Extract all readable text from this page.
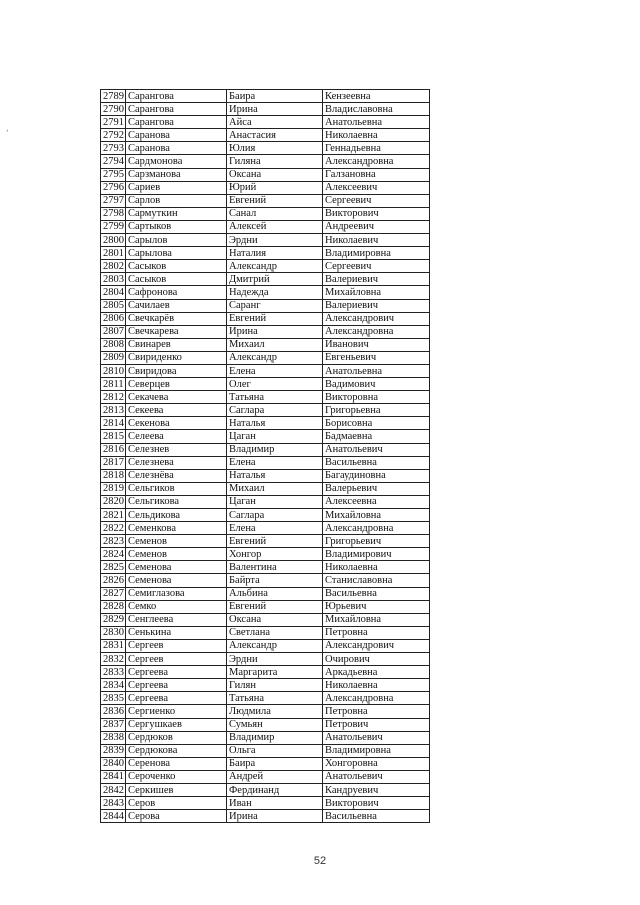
‘
2789	Сарангова	Баира	Кензеевна
2790	Сарангова	Ирина	Владиславовна
2791	Сарангова	Айса	Анатольевна
2792	Саранова	Анастасия	Николаевна
2793	Саранова	Юлия	Геннадьевна
2794	Сардмонова	Гиляна	Александровна
2795	Сарзманова	Оксана	Галзановна
2796	Сариев	Юрий	Алексеевич
2797	Сарлов	Евгений	Сергеевич
2798	Сармуткин	Санал	Викторович
2799	Сартыков	Алексей	Андреевич
2800	Сарылов	Эрдни	Николаевич
2801	Сарылова	Наталия	Владимировна
2802	Сасыков	Александр	Сергеевич
2803	Сасыков	Дмитрий	Валериевич
2804	Сафронова	Надежда	Михайловна
2805	Сачилаев	Саранг	Валериевич
2806	Свечкарёв	Евгений	Александрович
2807	Свечкарева	Ирина	Александровна
2808	Свинарев	Михаил	Иванович
2809	Свириденко	Александр	Евгеньевич
2810	Свиридова	Елена	Анатольевна
2811	Северцев	Олег	Вадимович
2812	Секачева	Татьяна	Викторовна
2813	Секеева	Саглара	Григорьевна
2814	Секенова	Наталья	Борисовна
2815	Селеева	Цаган	Бадмаевна
2816	Селезнев	Владимир	Анатольевич
2817	Селезнева	Елена	Васильевна
2818	Селезнёва	Наталья	Багаудиновна
2819	Сельгиков	Михаил	Валерьевич
2820	Сельгикова	Цаган	Алексеевна
2821	Сельдикова	Саглара	Михайловна
2822	Семенкова	Елена	Александровна
2823	Семенов	Евгений	Григорьевич
2824	Семенов	Хонгор	Владимирович
2825	Семенова	Валентина	Николаевна
2826	Семенова	Байрта	Станиславовна
2827	Семиглазова	Альбина	Васильевна
2828	Семко	Евгений	Юрьевич
2829	Сенглеева	Оксана	Михайловна
2830	Сенькина	Светлана	Петровна
2831	Сергеев	Александр	Александрович
2832	Сергеев	Эрдни	Очирович
2833	Сергеева	Маргарита	Аркадьевна
2834	Сергеева	Гилян	Николаевна
2835	Сергеева	Татьяна	Александровна
2836	Сергиенко	Людмила	Петровна
2837	Сергушкаев	Сумьян	Петрович
2838	Сердюков	Владимир	Анатольевич
2839	Сердюкова	Ольга	Владимировна
2840	Серенова	Баира	Хонгоровна
2841	Сероченко	Андрей	Анатольевич
2842	Серкишев	Фердинанд	Кандруевич
2843	Серов	Иван	Викторович
2844	Серова	Ирина	Васильевна
52
